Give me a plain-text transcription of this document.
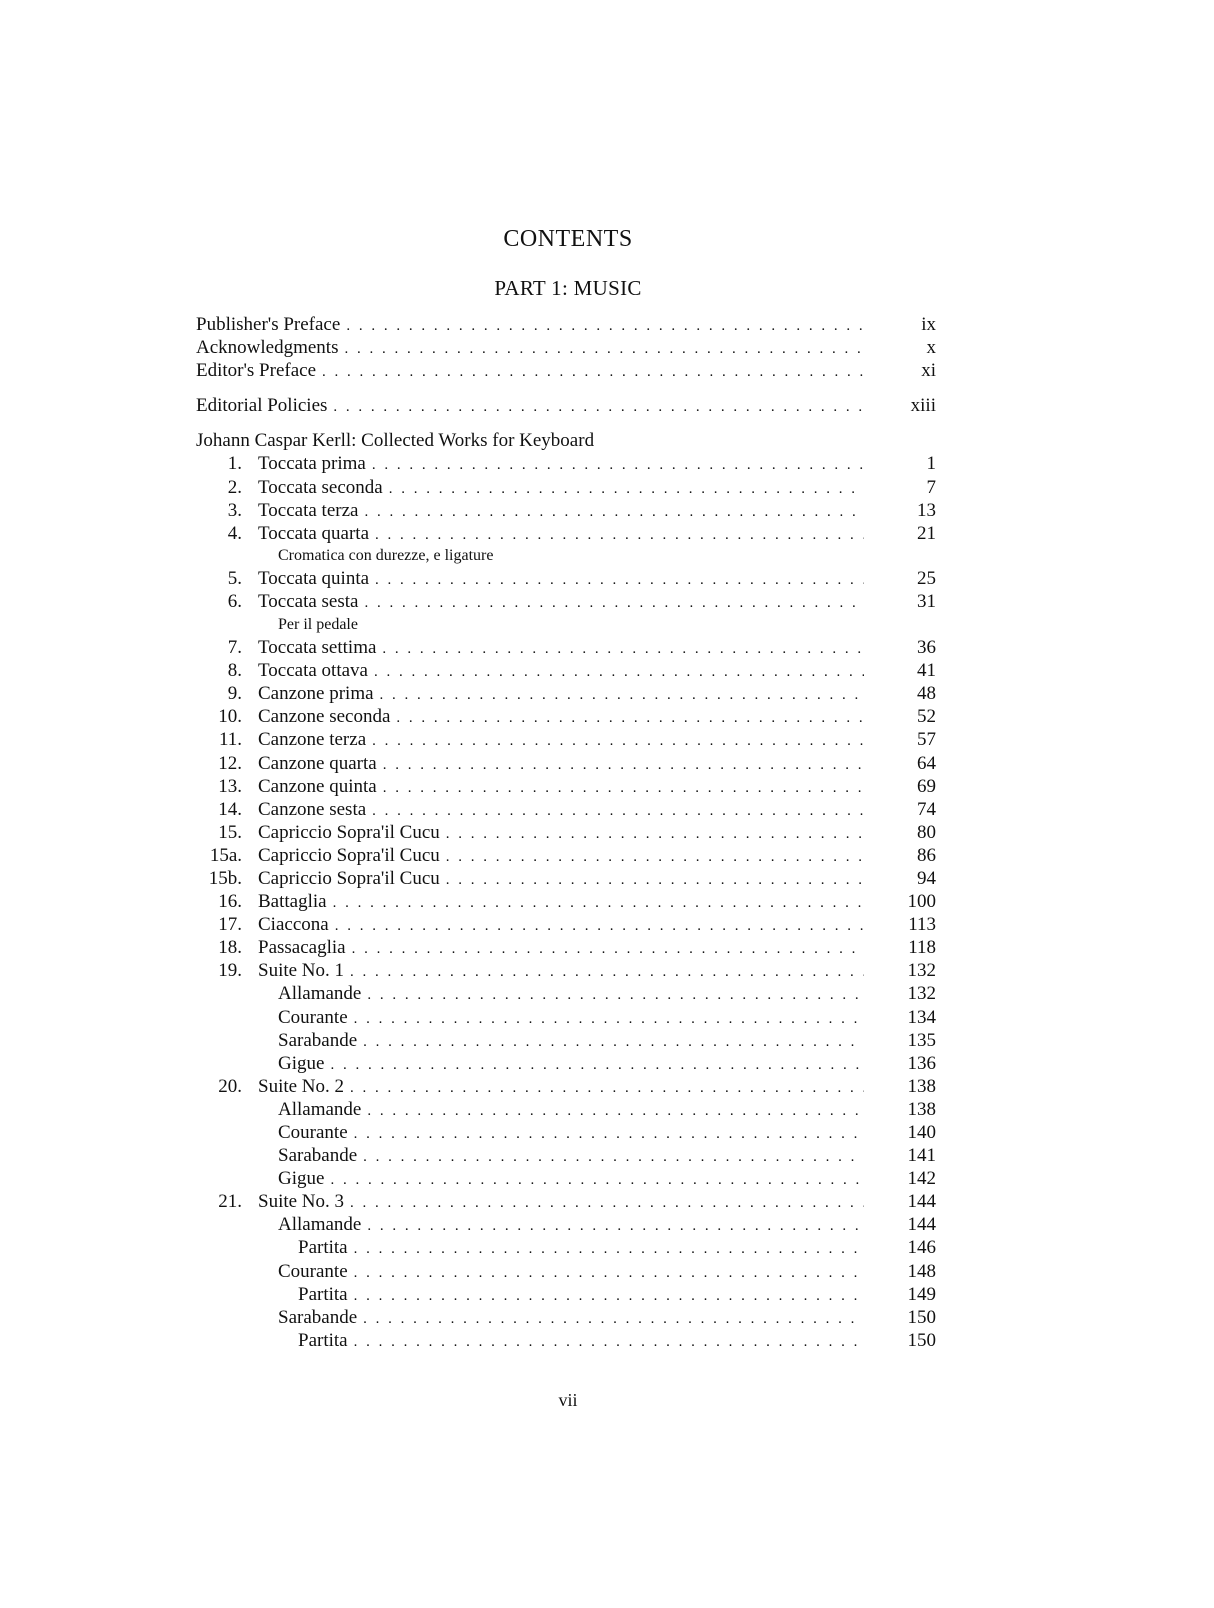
CONTENTS
PART 1: MUSIC
Publisher's Preface . . .	ix
Acknowledgments . . .	x
Editor's Preface . . .	xi
Editorial Policies . . .	xiii
Johann Caspar Kerll: Collected Works for Keyboard
1. Toccata prima . . .	1
2. Toccata seconda . . .	7
3. Toccata terza . . .	13
4. Toccata quarta . . .	21
Cromatica con durezze, e ligature
5. Toccata quinta . . .	25
6. Toccata sesta . . .	31
Per il pedale
7. Toccata settima . . .	36
8. Toccata ottava . . .	41
9. Canzone prima . . .	48
10. Canzone seconda . . .	52
11. Canzone terza . . .	57
12. Canzone quarta . . .	64
13. Canzone quinta . . .	69
14. Canzone sesta . . .	74
15. Capriccio Sopra'il Cucu . . .	80
15a. Capriccio Sopra'il Cucu . . .	86
15b. Capriccio Sopra'il Cucu . . .	94
16. Battaglia . . .	100
17. Ciaccona . . .	113
18. Passacaglia . . .	118
19. Suite No. 1 . . .	132
Allamande . . .	132
Courante . . .	134
Sarabande . . .	135
Gigue . . .	136
20. Suite No. 2 . . .	138
Allamande . . .	138
Courante . . .	140
Sarabande . . .	141
Gigue . . .	142
21. Suite No. 3 . . .	144
Allamande . . .	144
Partita . . .	146
Courante . . .	148
Partita . . .	149
Sarabande . . .	150
Partita . . .	150
vii
